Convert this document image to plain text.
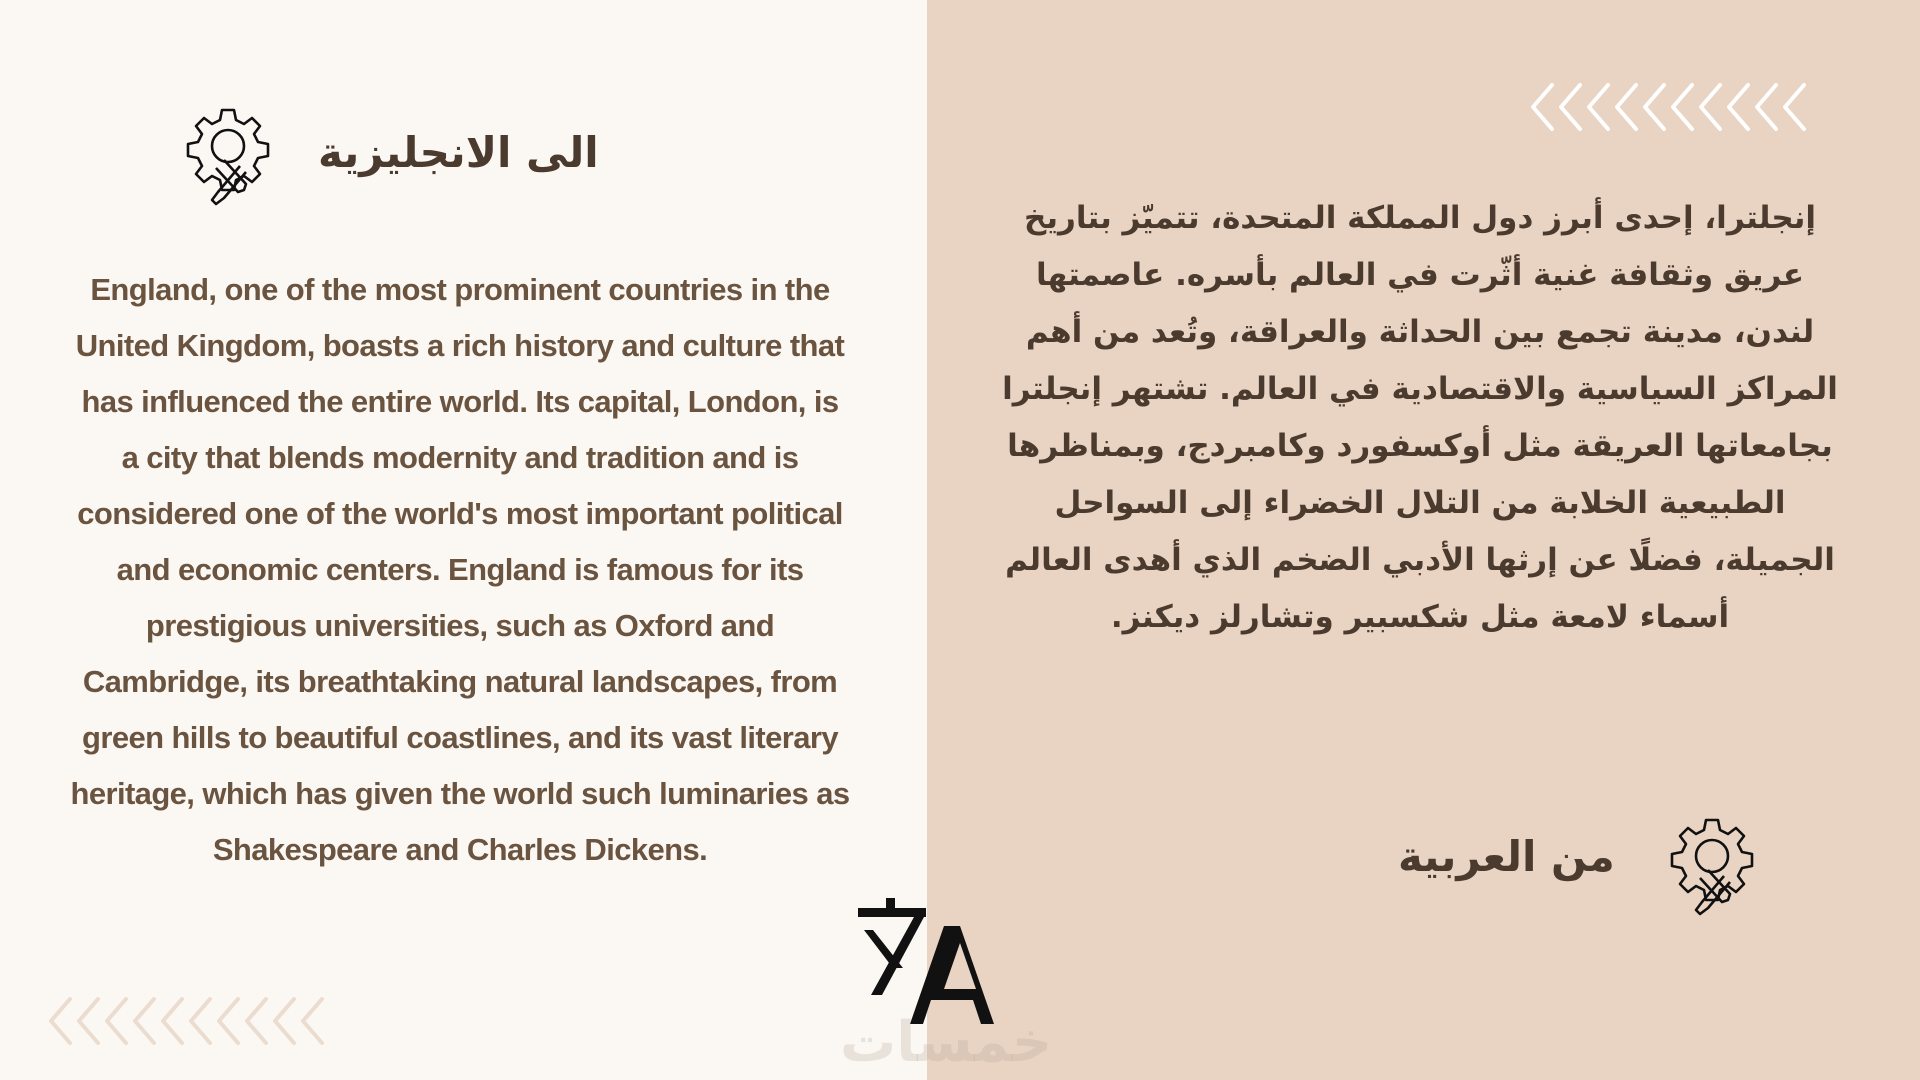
الى الانجليزية
England, one of the most prominent countries in the United Kingdom, boasts a rich history and culture that has influenced the entire world. Its capital, London, is a city that blends modernity and tradition and is considered one of the world's most important political and economic centers. England is famous for its prestigious universities, such as Oxford and Cambridge, its breathtaking natural landscapes, from green hills to beautiful coastlines, and its vast literary heritage, which has given the world such luminaries as Shakespeare and Charles Dickens.
إنجلترا، إحدى أبرز دول المملكة المتحدة، تتميّز بتاريخ عريق وثقافة غنية أثّرت في العالم بأسره. عاصمتها لندن، مدينة تجمع بين الحداثة والعراقة، وتُعد من أهم المراكز السياسية والاقتصادية في العالم. تشتهر إنجلترا بجامعاتها العريقة مثل أوكسفورد وكامبردج، وبمناظرها الطبيعية الخلابة من التلال الخضراء إلى السواحل الجميلة، فضلًا عن إرثها الأدبي الضخم الذي أهدى العالم أسماء لامعة مثل شكسبير وتشارلز ديكنز.
من العربية
خمسات
